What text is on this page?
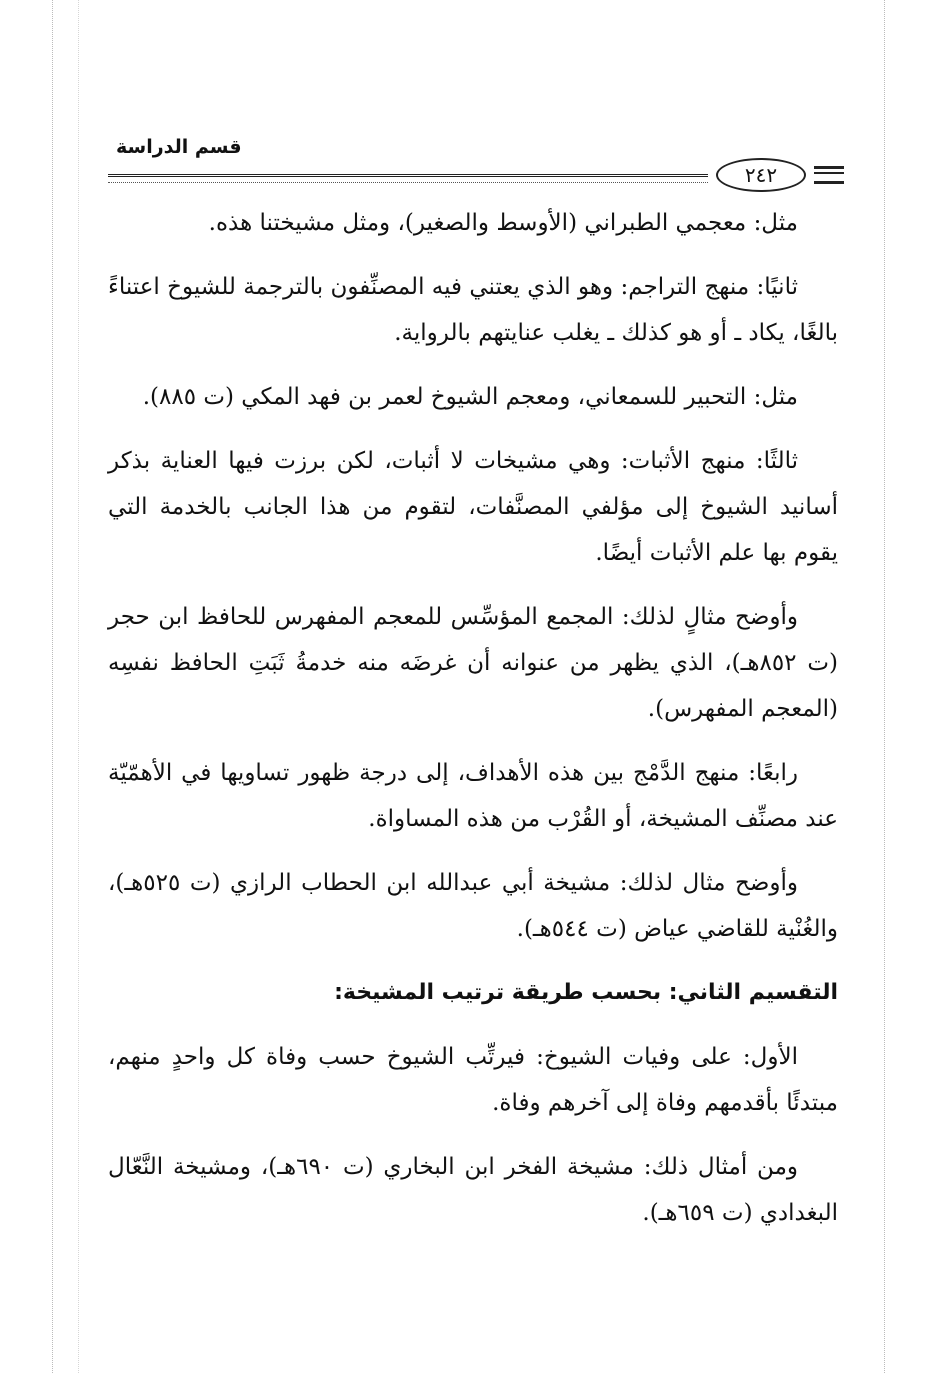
قسم الدراسة
٢٤٢

مثل: معجمي الطبراني (الأوسط والصغير)، ومثل مشيختنا هذه.

ثانيًا: منهج التراجم: وهو الذي يعتني فيه المصنِّفون بالترجمة للشيوخ اعتناءً بالغًا، يكاد ـ أو هو كذلك ـ يغلب عنايتهم بالرواية.

مثل: التحبير للسمعاني، ومعجم الشيوخ لعمر بن فهد المكي (ت ٨٨٥).

ثالثًا: منهج الأثبات: وهي مشيخات لا أثبات، لكن برزت فيها العناية بذكر أسانيد الشيوخ إلى مؤلفي المصنَّفات، لتقوم من هذا الجانب بالخدمة التي يقوم بها علم الأثبات أيضًا.

وأوضح مثالٍ لذلك: المجمع المؤسِّس للمعجم المفهرس للحافظ ابن حجر (ت ٨٥٢هـ)، الذي يظهر من عنوانه أن غرضَه منه خدمةُ ثَبَتِ الحافظ نفسِه (المعجم المفهرس).

رابعًا: منهج الدَّمْج بين هذه الأهداف، إلى درجة ظهور تساويها في الأهمّيّة عند مصنِّف المشيخة، أو القُرْب من هذه المساواة.

وأوضح مثال لذلك: مشيخة أبي عبدالله ابن الحطاب الرازي (ت ٥٢٥هـ)، والغُنْية للقاضي عياض (ت ٥٤٤هـ).

التقسيم الثاني: بحسب طريقة ترتيب المشيخة:

الأول: على وفيات الشيوخ: فيرتِّب الشيوخ حسب وفاة كل واحدٍ منهم، مبتدئًا بأقدمهم وفاة إلى آخرهم وفاة.

ومن أمثال ذلك: مشيخة الفخر ابن البخاري (ت ٦٩٠هـ)، ومشيخة النَّعّال البغدادي (ت ٦٥٩هـ).
